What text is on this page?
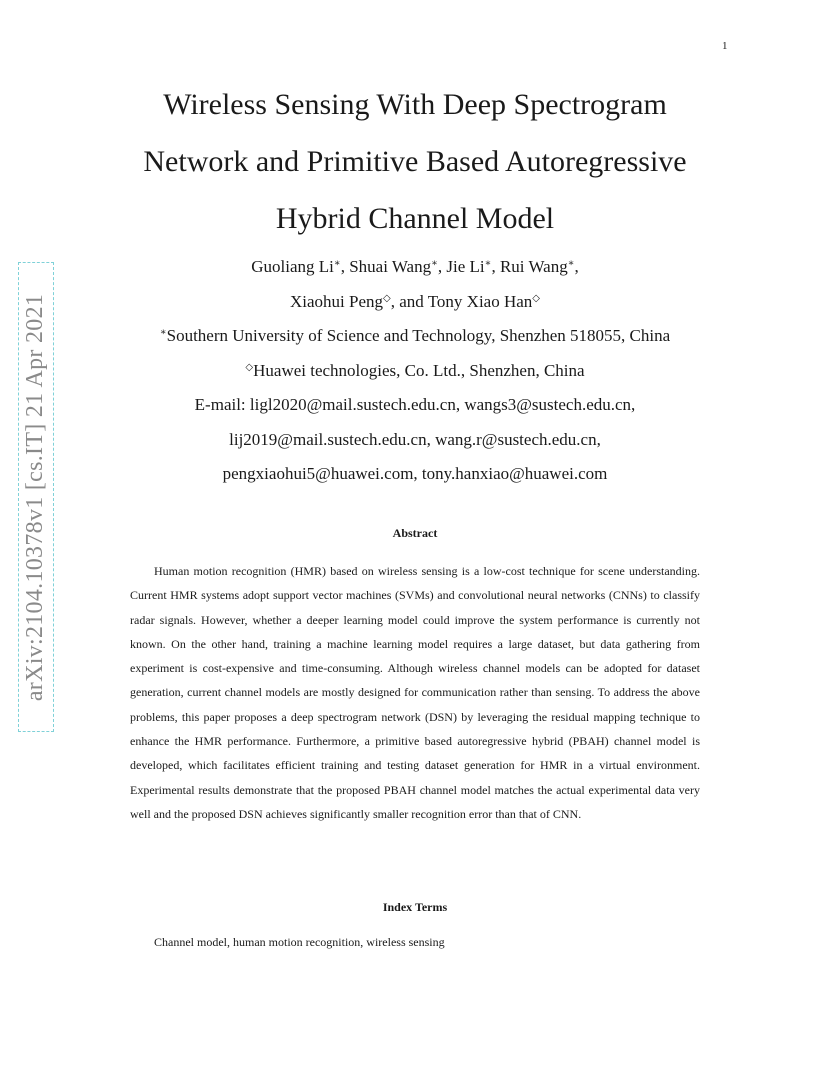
1
arXiv:2104.10378v1 [cs.IT] 21 Apr 2021
Wireless Sensing With Deep Spectrogram
Network and Primitive Based Autoregressive
Hybrid Channel Model
Guoliang Li∗, Shuai Wang∗, Jie Li∗, Rui Wang∗,
Xiaohui Peng◇, and Tony Xiao Han◇
∗Southern University of Science and Technology, Shenzhen 518055, China
◇Huawei technologies, Co. Ltd., Shenzhen, China
E-mail: ligl2020@mail.sustech.edu.cn, wangs3@sustech.edu.cn,
lij2019@mail.sustech.edu.cn, wang.r@sustech.edu.cn,
pengxiaohui5@huawei.com, tony.hanxiao@huawei.com
Abstract

Human motion recognition (HMR) based on wireless sensing is a low-cost technique for scene understanding. Current HMR systems adopt support vector machines (SVMs) and convolutional neural networks (CNNs) to classify radar signals. However, whether a deeper learning model could improve the system performance is currently not known. On the other hand, training a machine learning model requires a large dataset, but data gathering from experiment is cost-expensive and time-consuming. Although wireless channel models can be adopted for dataset generation, current channel models are mostly designed for communication rather than sensing. To address the above problems, this paper proposes a deep spectrogram network (DSN) by leveraging the residual mapping technique to enhance the HMR performance. Furthermore, a primitive based autoregressive hybrid (PBAH) channel model is developed, which facilitates efficient training and testing dataset generation for HMR in a virtual environment. Experimental results demonstrate that the proposed PBAH channel model matches the actual experimental data very well and the proposed DSN achieves significantly smaller recognition error than that of CNN.

Index Terms
Channel model, human motion recognition, wireless sensing
